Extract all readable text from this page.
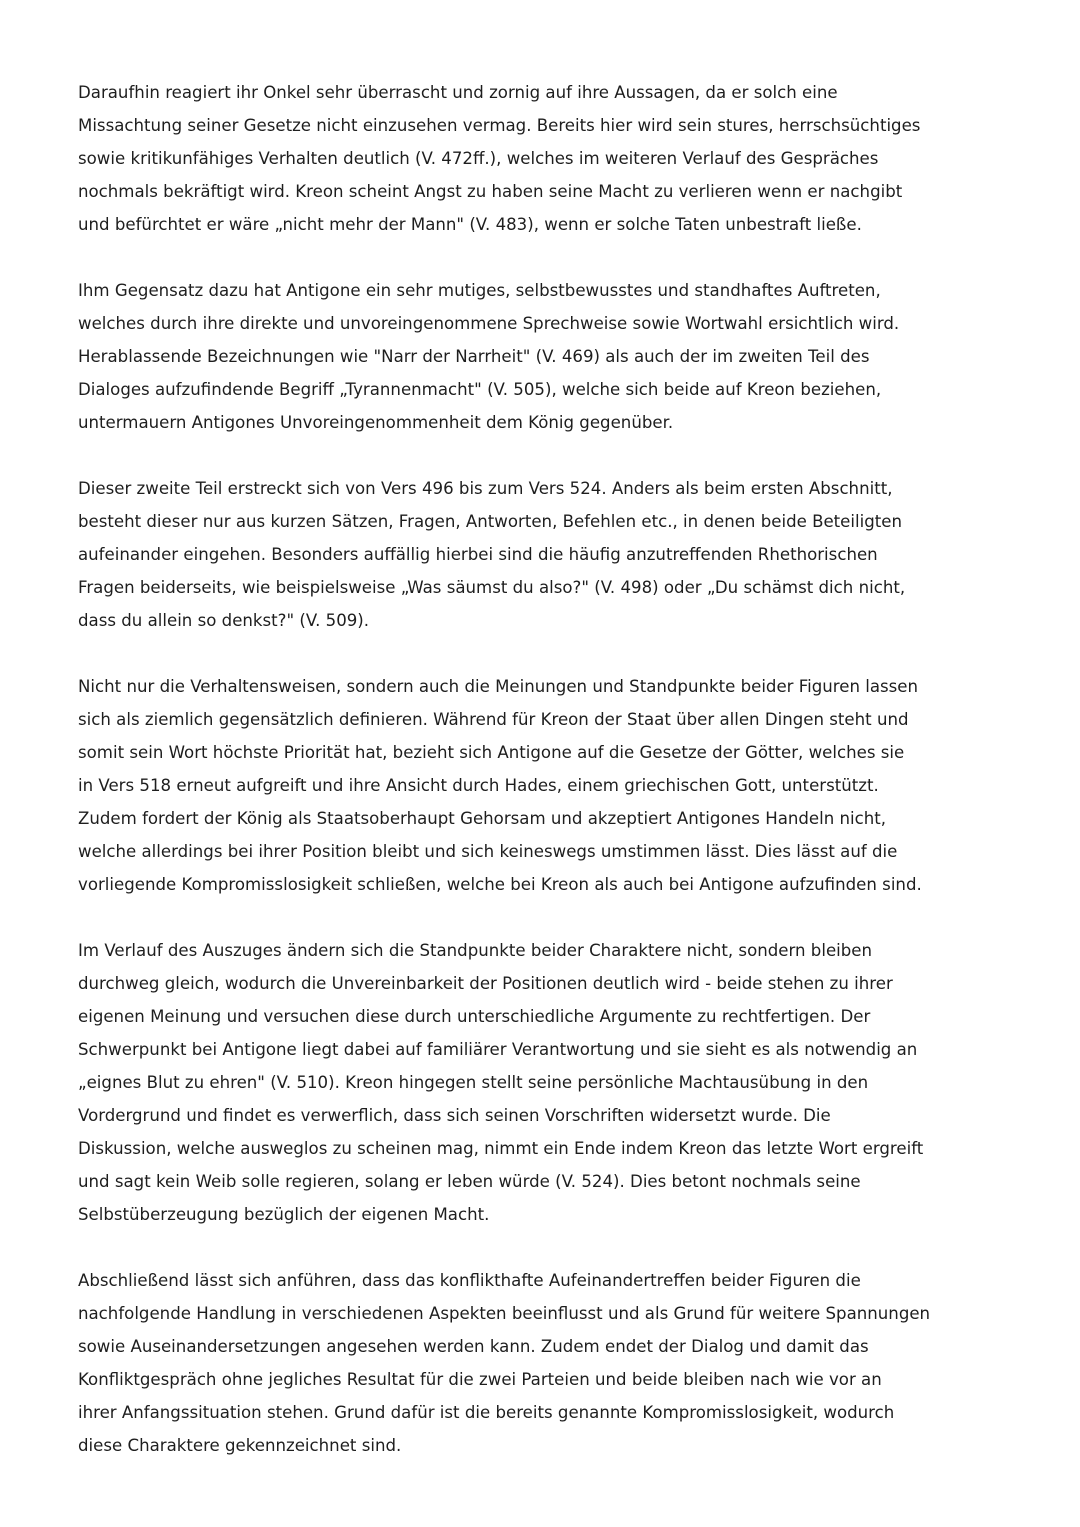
Daraufhin reagiert ihr Onkel sehr überrascht und zornig auf ihre Aussagen, da er solch eine
Missachtung seiner Gesetze nicht einzusehen vermag. Bereits hier wird sein stures, herrschsüchtiges
sowie kritikunfähiges Verhalten deutlich (V. 472ff.), welches im weiteren Verlauf des Gespräches
nochmals bekräftigt wird. Kreon scheint Angst zu haben seine Macht zu verlieren wenn er nachgibt
und befürchtet er wäre „nicht mehr der Mann" (V. 483), wenn er solche Taten unbestraft ließe.

Ihm Gegensatz dazu hat Antigone ein sehr mutiges, selbstbewusstes und standhaftes Auftreten,
welches durch ihre direkte und unvoreingenommene Sprechweise sowie Wortwahl ersichtlich wird.
Herablassende Bezeichnungen wie "Narr der Narrheit" (V. 469) als auch der im zweiten Teil des
Dialoges aufzufindende Begriff „Tyrannenmacht" (V. 505), welche sich beide auf Kreon beziehen,
untermauern Antigones Unvoreingenommenheit dem König gegenüber.

Dieser zweite Teil erstreckt sich von Vers 496 bis zum Vers 524. Anders als beim ersten Abschnitt,
besteht dieser nur aus kurzen Sätzen, Fragen, Antworten, Befehlen etc., in denen beide Beteiligten
aufeinander eingehen. Besonders auffällig hierbei sind die häufig anzutreffenden Rhethorischen
Fragen beiderseits, wie beispielsweise „Was säumst du also?" (V. 498) oder „Du schämst dich nicht,
dass du allein so denkst?" (V. 509).

Nicht nur die Verhaltensweisen, sondern auch die Meinungen und Standpunkte beider Figuren lassen
sich als ziemlich gegensätzlich definieren. Während für Kreon der Staat über allen Dingen steht und
somit sein Wort höchste Priorität hat, bezieht sich Antigone auf die Gesetze der Götter, welches sie
in Vers 518 erneut aufgreift und ihre Ansicht durch Hades, einem griechischen Gott, unterstützt.
Zudem fordert der König als Staatsoberhaupt Gehorsam und akzeptiert Antigones Handeln nicht,
welche allerdings bei ihrer Position bleibt und sich keineswegs umstimmen lässt. Dies lässt auf die
vorliegende Kompromisslosigkeit schließen, welche bei Kreon als auch bei Antigone aufzufinden sind.

Im Verlauf des Auszuges ändern sich die Standpunkte beider Charaktere nicht, sondern bleiben
durchweg gleich, wodurch die Unvereinbarkeit der Positionen deutlich wird - beide stehen zu ihrer
eigenen Meinung und versuchen diese durch unterschiedliche Argumente zu rechtfertigen. Der
Schwerpunkt bei Antigone liegt dabei auf familiärer Verantwortung und sie sieht es als notwendig an
„eignes Blut zu ehren" (V. 510). Kreon hingegen stellt seine persönliche Machtausübung in den
Vordergrund und findet es verwerflich, dass sich seinen Vorschriften widersetzt wurde. Die
Diskussion, welche ausweglos zu scheinen mag, nimmt ein Ende indem Kreon das letzte Wort ergreift
und sagt kein Weib solle regieren, solang er leben würde (V. 524). Dies betont nochmals seine
Selbstüberzeugung bezüglich der eigenen Macht.

Abschließend lässt sich anführen, dass das konflikthafte Aufeinandertreffen beider Figuren die
nachfolgende Handlung in verschiedenen Aspekten beeinflusst und als Grund für weitere Spannungen
sowie Auseinandersetzungen angesehen werden kann. Zudem endet der Dialog und damit das
Konfliktgespräch ohne jegliches Resultat für die zwei Parteien und beide bleiben nach wie vor an
ihrer Anfangssituation stehen. Grund dafür ist die bereits genannte Kompromisslosigkeit, wodurch
diese Charaktere gekennzeichnet sind.
